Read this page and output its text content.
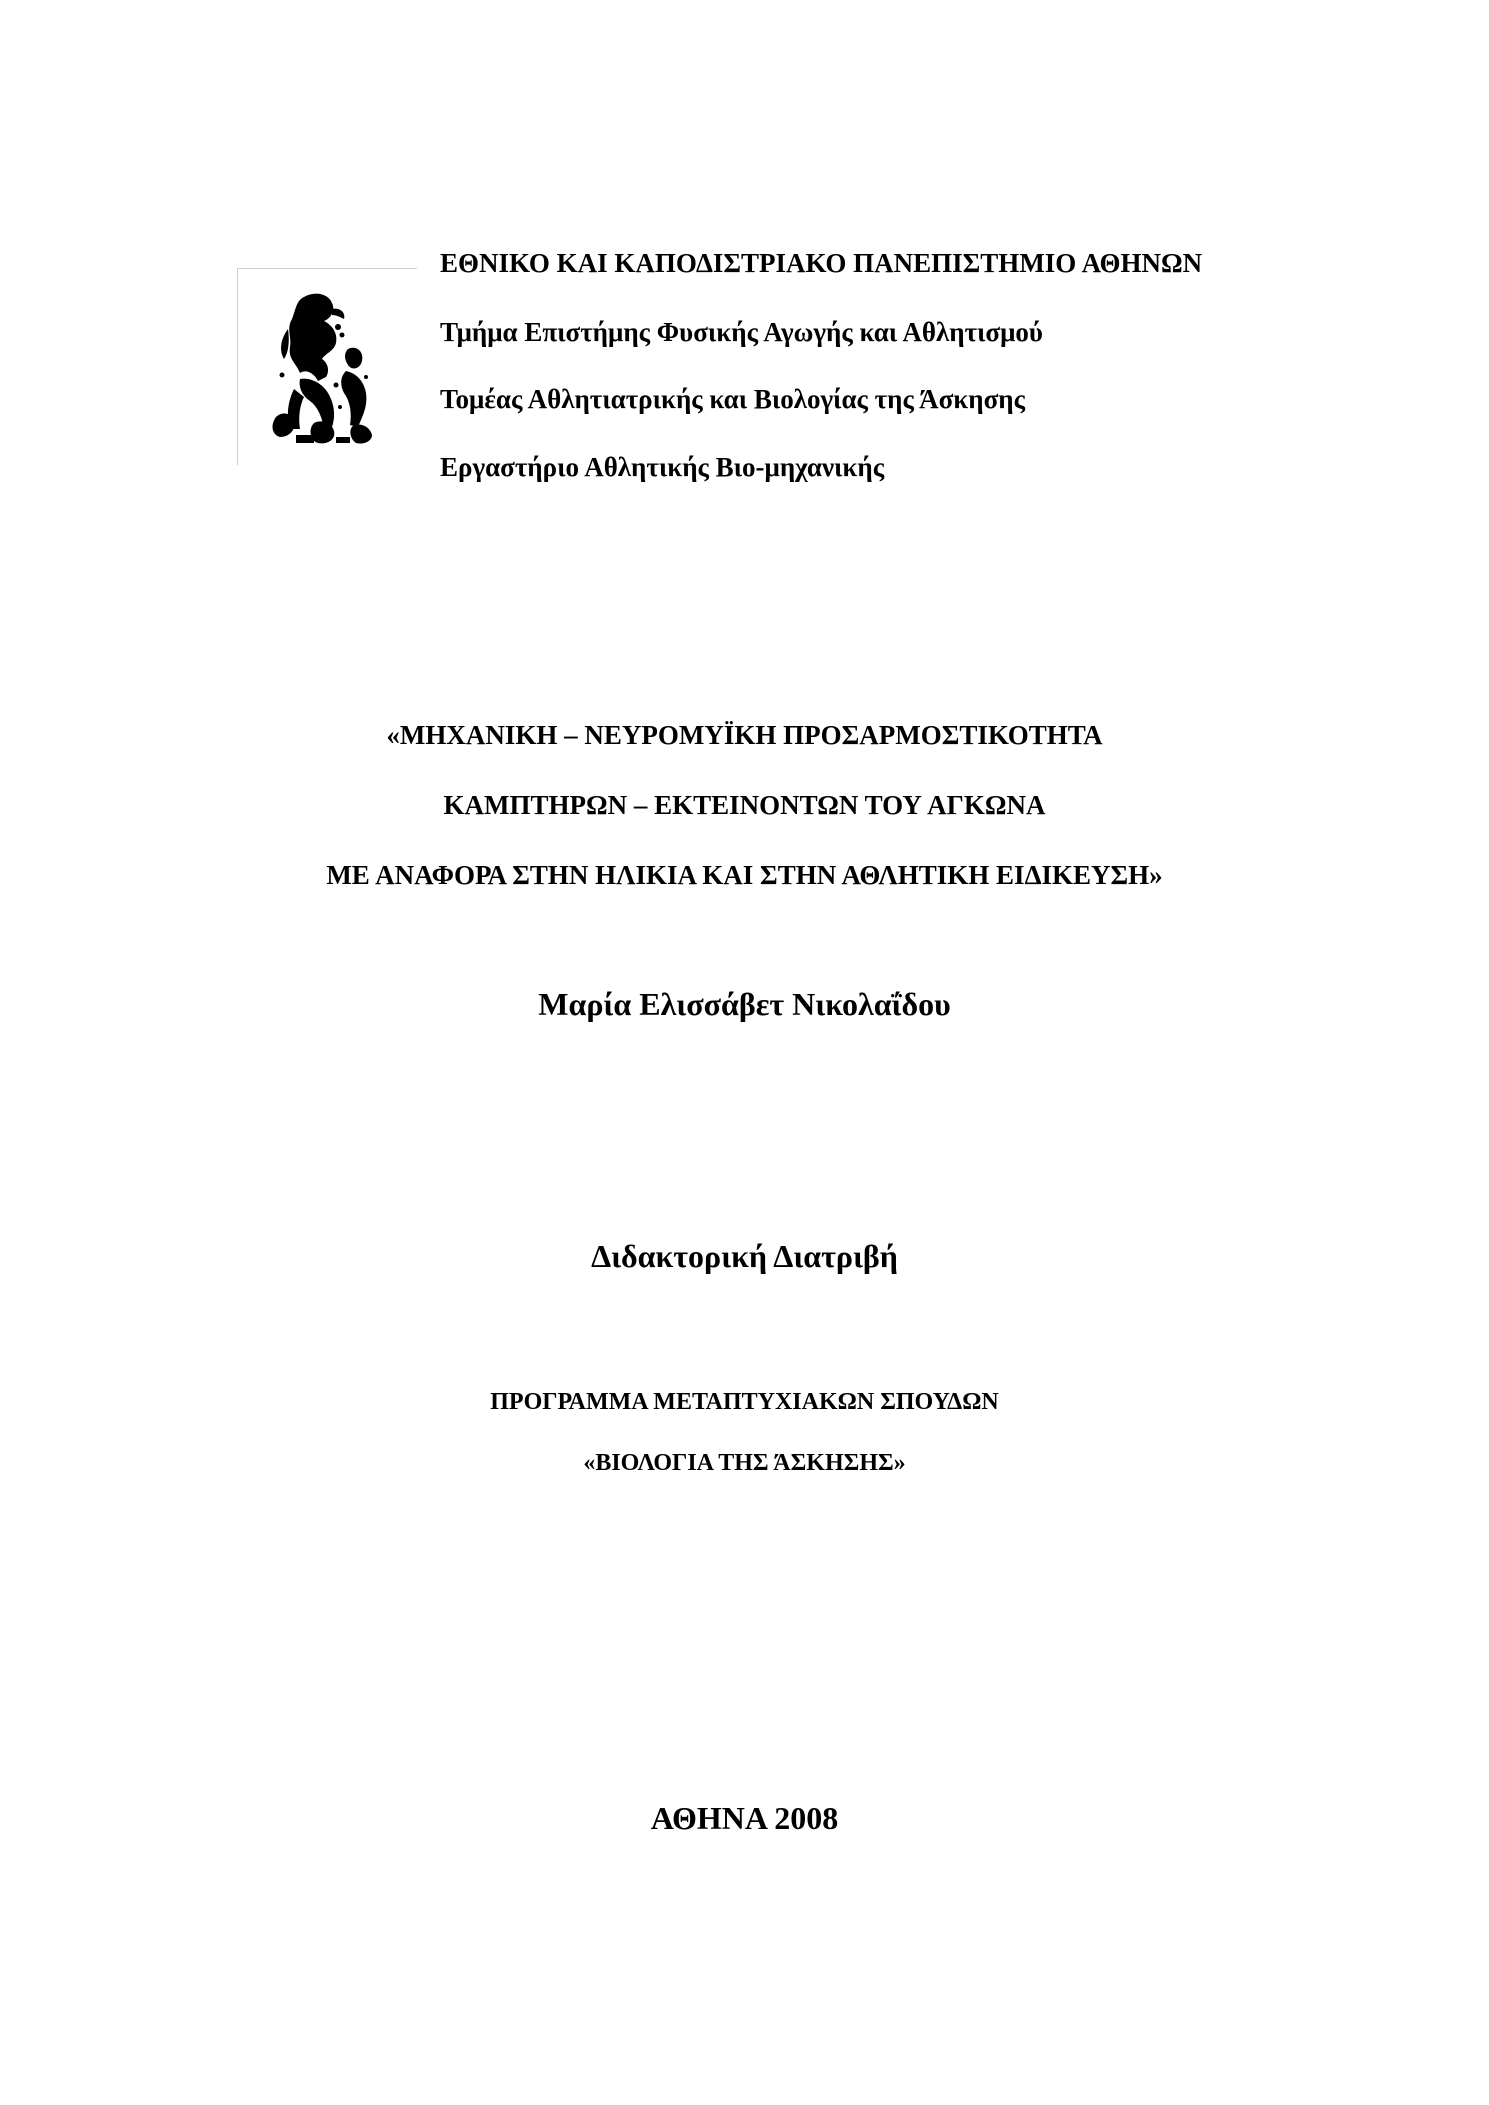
ΕΘΝΙΚΟ ΚΑΙ ΚΑΠΟΔΙΣΤΡΙΑΚΟ ΠΑΝΕΠΙΣΤΗΜΙΟ ΑΘΗΝΩΝ
Τμήμα Επιστήμης Φυσικής Αγωγής και Αθλητισμού
Τομέας Αθλητιατρικής και Βιολογίας της Άσκησης
Εργαστήριο Αθλητικής Βιο-μηχανικής
«ΜΗΧΑΝΙΚΗ – ΝΕΥΡΟΜΥΪΚΗ ΠΡΟΣΑΡΜΟΣΤΙΚΟΤΗΤΑ
ΚΑΜΠΤΗΡΩΝ – ΕΚΤΕΙΝΟΝΤΩΝ ΤΟΥ ΑΓΚΩΝΑ
ΜΕ ΑΝΑΦΟΡΑ ΣΤΗΝ ΗΛΙΚΙΑ ΚΑΙ ΣΤΗΝ ΑΘΛΗΤΙΚΗ ΕΙΔΙΚΕΥΣΗ»
Μαρία Ελισσάβετ Νικολαΐδου
Διδακτορική Διατριβή
ΠΡΟΓΡΑΜΜΑ ΜΕΤΑΠΤΥΧΙΑΚΩΝ ΣΠΟΥΔΩΝ
«ΒΙΟΛΟΓΙΑ ΤΗΣ ΆΣΚΗΣΗΣ»
ΑΘΗΝΑ 2008
